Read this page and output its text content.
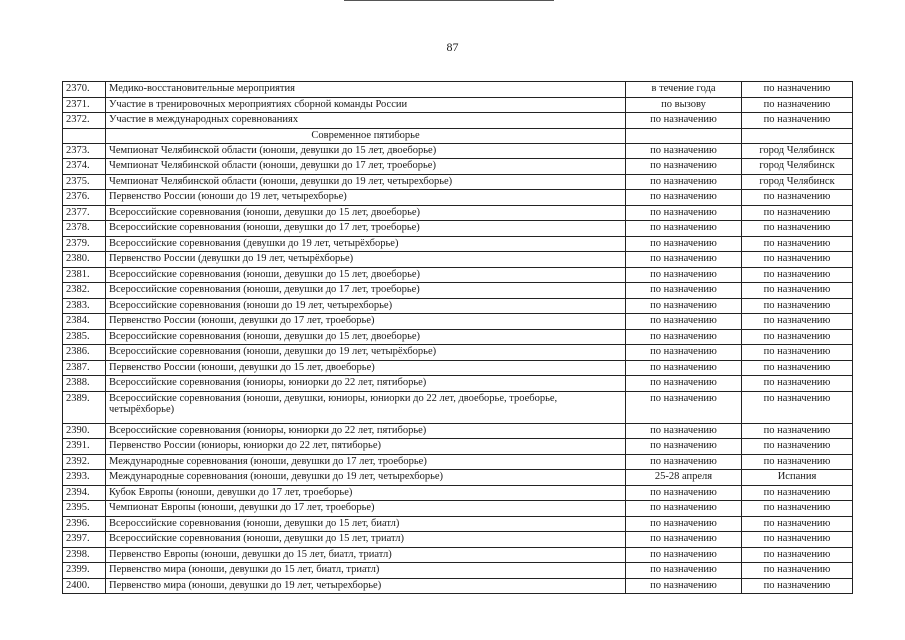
87
2370.	Медико-восстановительные мероприятия	в течение года	по назначению
2371.	Участие в тренировочных мероприятиях сборной команды России	по вызову	по назначению
2372.	Участие в международных соревнованиях	по назначению	по назначению
	Современное пятиборье		
2373.	Чемпионат Челябинской области (юноши, девушки до 15 лет, двоеборье)	по назначению	город Челябинск
2374.	Чемпионат Челябинской области (юноши, девушки до 17 лет, троеборье)	по назначению	город Челябинск
2375.	Чемпионат Челябинской области (юноши, девушки до 19 лет, четырехборье)	по назначению	город Челябинск
2376.	Первенство России (юноши до 19 лет, четырехборье)	по назначению	по назначению
2377.	Всероссийские соревнования (юноши, девушки до 15 лет, двоеборье)	по назначению	по назначению
2378.	Всероссийские соревнования (юноши, девушки до 17 лет, троеборье)	по назначению	по назначению
2379.	Всероссийские соревнования (девушки до 19 лет, четырёхборье)	по назначению	по назначению
2380.	Первенство России (девушки до 19 лет, четырёхборье)	по назначению	по назначению
2381.	Всероссийские соревнования (юноши, девушки до 15 лет, двоеборье)	по назначению	по назначению
2382.	Всероссийские соревнования (юноши, девушки до 17 лет, троеборье)	по назначению	по назначению
2383.	Всероссийские соревнования (юноши до 19 лет, четырехборье)	по назначению	по назначению
2384.	Первенство России (юноши, девушки до 17 лет, троеборье)	по назначению	по назначению
2385.	Всероссийские соревнования (юноши, девушки до 15 лет, двоеборье)	по назначению	по назначению
2386.	Всероссийские соревнования (юноши, девушки до 19 лет, четырёхборье)	по назначению	по назначению
2387.	Первенство России (юноши, девушки до 15 лет, двоеборье)	по назначению	по назначению
2388.	Всероссийские соревнования (юниоры, юниорки до 22 лет, пятиборье)	по назначению	по назначению
2389.	Всероссийские соревнования (юноши, девушки, юниоры, юниорки до 22 лет, двоеборье, троеборье, четырёхборье)	по назначению	по назначению
2390.	Всероссийские соревнования (юниоры, юниорки до 22 лет, пятиборье)	по назначению	по назначению
2391.	Первенство России (юниоры, юниорки до 22 лет, пятиборье)	по назначению	по назначению
2392.	Международные соревнования (юноши, девушки до 17 лет, троеборье)	по назначению	по назначению
2393.	Международные соревнования (юноши, девушки до 19 лет, четырехборье)	25-28 апреля	Испания
2394.	Кубок Европы (юноши, девушки до 17 лет, троеборье)	по назначению	по назначению
2395.	Чемпионат Европы (юноши, девушки до 17 лет, троеборье)	по назначению	по назначению
2396.	Всероссийские соревнования (юноши, девушки до 15 лет, биатл)	по назначению	по назначению
2397.	Всероссийские соревнования (юноши, девушки до 15 лет, триатл)	по назначению	по назначению
2398.	Первенство Европы (юноши, девушки до 15 лет, биатл, триатл)	по назначению	по назначению
2399.	Первенство мира (юноши, девушки до 15 лет, биатл, триатл)	по назначению	по назначению
2400.	Первенство мира (юноши, девушки до 19 лет, четырехборье)	по назначению	по назначению
